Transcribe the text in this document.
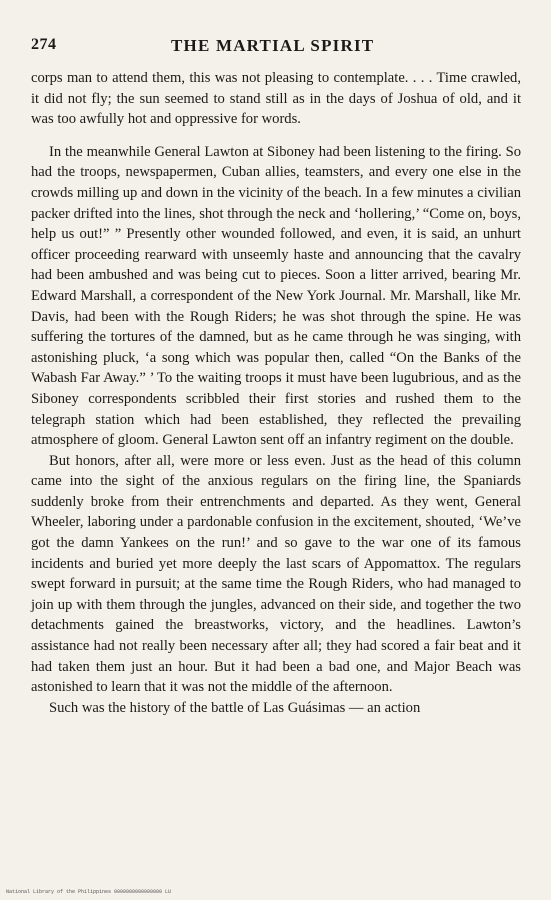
274	THE MARTIAL SPIRIT

corps man to attend them, this was not pleasing to contemplate. . . . Time crawled, it did not fly; the sun seemed to stand still as in the days of Joshua of old, and it was too awfully hot and oppressive for words.

In the meanwhile General Lawton at Siboney had been listening to the firing. So had the troops, newspapermen, Cuban allies, teamsters, and every one else in the crowds milling up and down in the vicinity of the beach. In a few minutes a civilian packer drifted into the lines, shot through the neck and ‘hollering,’ “Come on, boys, help us out!” ” Presently other wounded followed, and even, it is said, an unhurt officer proceeding rearward with unseemly haste and announcing that the cavalry had been ambushed and was being cut to pieces. Soon a litter arrived, bearing Mr. Edward Marshall, a correspondent of the New York Journal. Mr. Marshall, like Mr. Davis, had been with the Rough Riders; he was shot through the spine. He was suffering the tortures of the damned, but as he came through he was singing, with astonishing pluck, ‘a song which was popular then, called “On the Banks of the Wabash Far Away.” ’ To the waiting troops it must have been lugubrious, and as the Siboney correspondents scribbled their first stories and rushed them to the telegraph station which had been established, they reflected the prevailing atmosphere of gloom. General Lawton sent off an infantry regiment on the double.

But honors, after all, were more or less even. Just as the head of this column came into the sight of the anxious regulars on the firing line, the Spaniards suddenly broke from their entrenchments and departed. As they went, General Wheeler, laboring under a pardonable confusion in the excitement, shouted, ‘We’ve got the damn Yankees on the run!’ and so gave to the war one of its famous incidents and buried yet more deeply the last scars of Appomattox. The regulars swept forward in pursuit; at the same time the Rough Riders, who had managed to join up with them through the jungles, advanced on their side, and together the two detachments gained the breastworks, victory, and the headlines. Lawton’s assistance had not really been necessary after all; they had scored a fair beat and it had taken them just an hour. But it had been a bad one, and Major Beach was astonished to learn that it was not the middle of the afternoon.

Such was the history of the battle of Las Guásimas — an action

National Library of the Philippines 0000000000000000 LU
